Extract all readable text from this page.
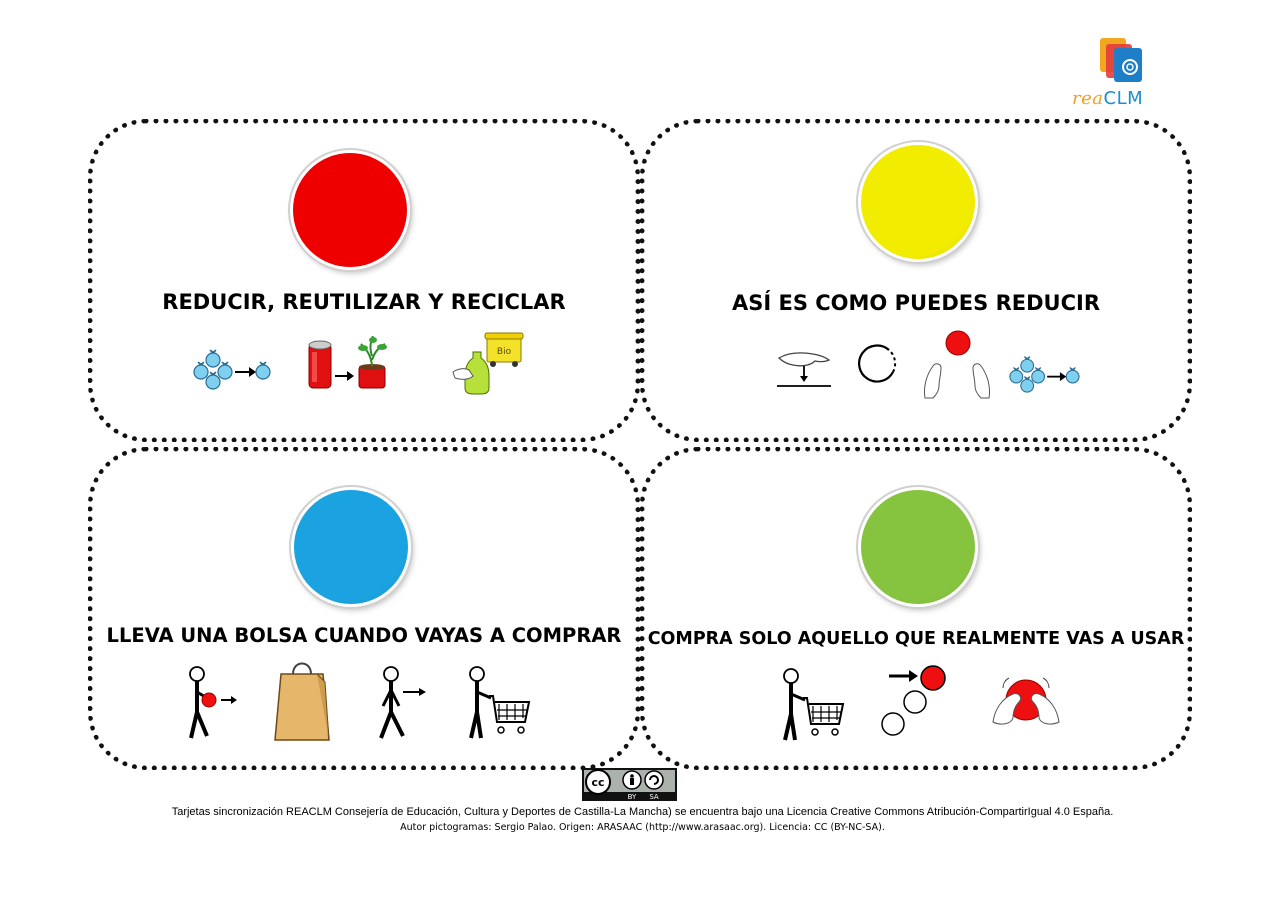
reaCLM
REDUCIR, REUTILIZAR Y RECICLAR
Bio
ASÍ ES COMO PUEDES REDUCIR
LLEVA UNA BOLSA CUANDO VAYAS A COMPRAR	COMPRA SOLO AQUELLO QUE REALMENTE VAS A USAR
cc
BY SA
Tarjetas sincronización REACLM Consejería de Educación, Cultura y Deportes de Castilla-La Mancha) se encuentra bajo una Licencia Creative Commons Atribución-CompartirIgual 4.0 España.
Autor pictogramas: Sergio Palao. Origen: ARASAAC (http://www.arasaac.org). Licencia: CC (BY-NC-SA).
